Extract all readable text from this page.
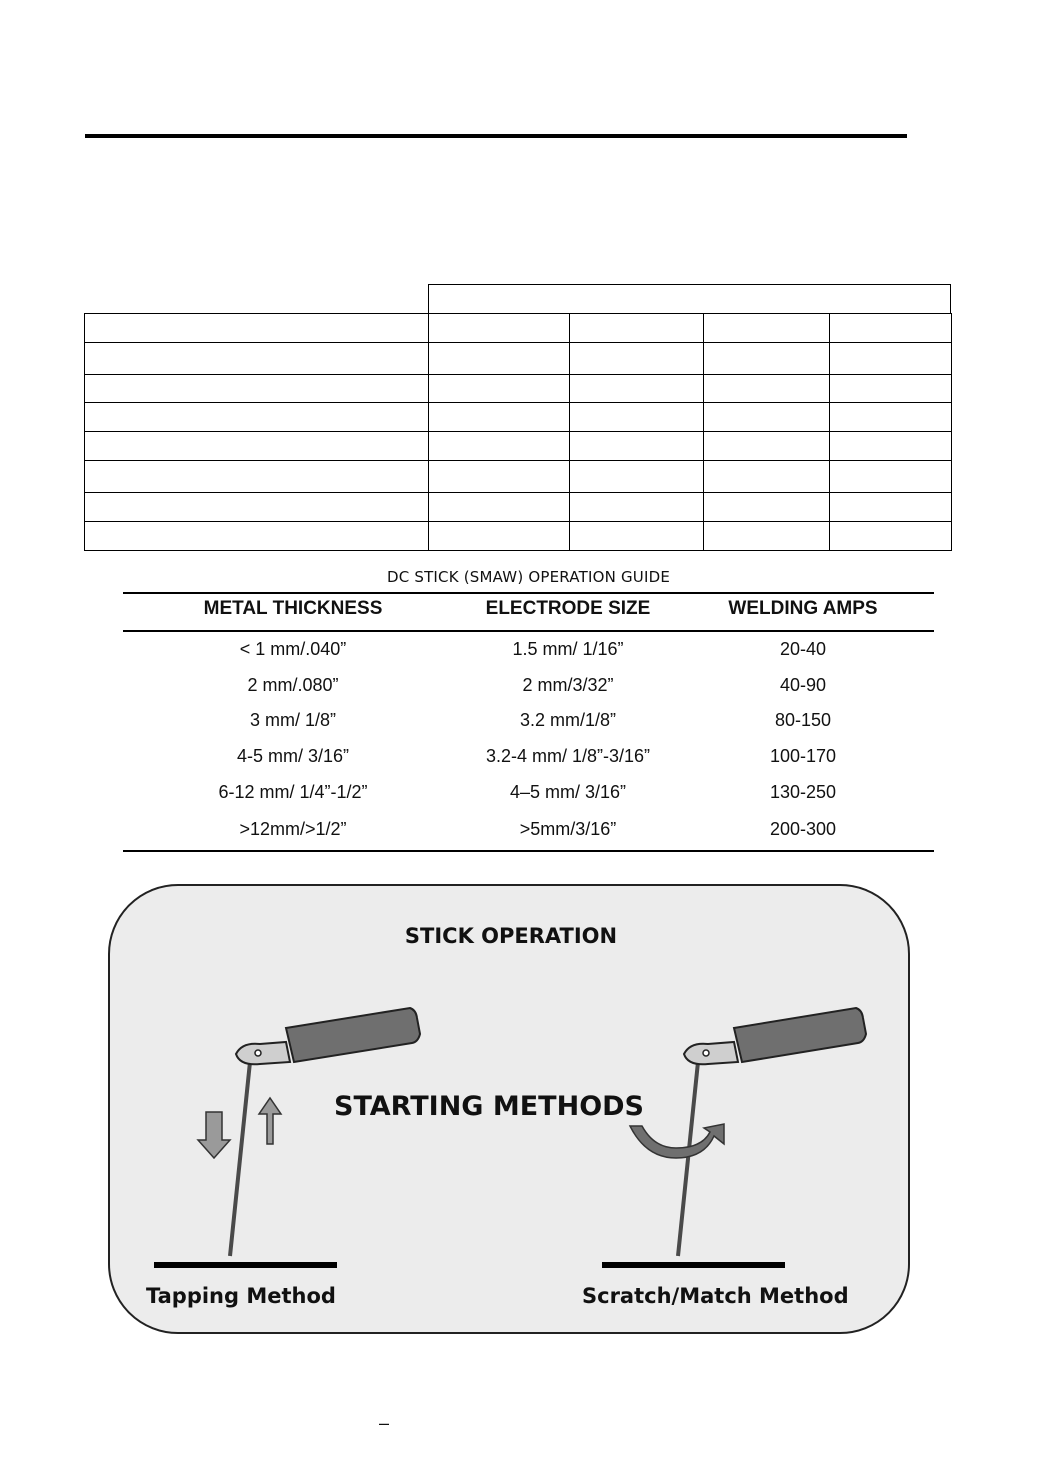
DC STICK (SMAW) OPERATION GUIDE
METAL THICKNESS	ELECTRODE SIZE	WELDING AMPS
< 1 mm/.040”	1.5 mm/ 1/16”	20-40
2 mm/.080”	2 mm/3/32”	40-90
3 mm/ 1/8”	3.2 mm/1/8”	80-150
4-5 mm/ 3/16”	3.2-4 mm/ 1/8”-3/16”	100-170
6-12 mm/ 1/4”-1/2”	4–5 mm/ 3/16”	130-250
>12mm/>1/2”	>5mm/3/16”	200-300
STICK OPERATION
STARTING METHODS
Tapping Method	Scratch/Match Method
–
